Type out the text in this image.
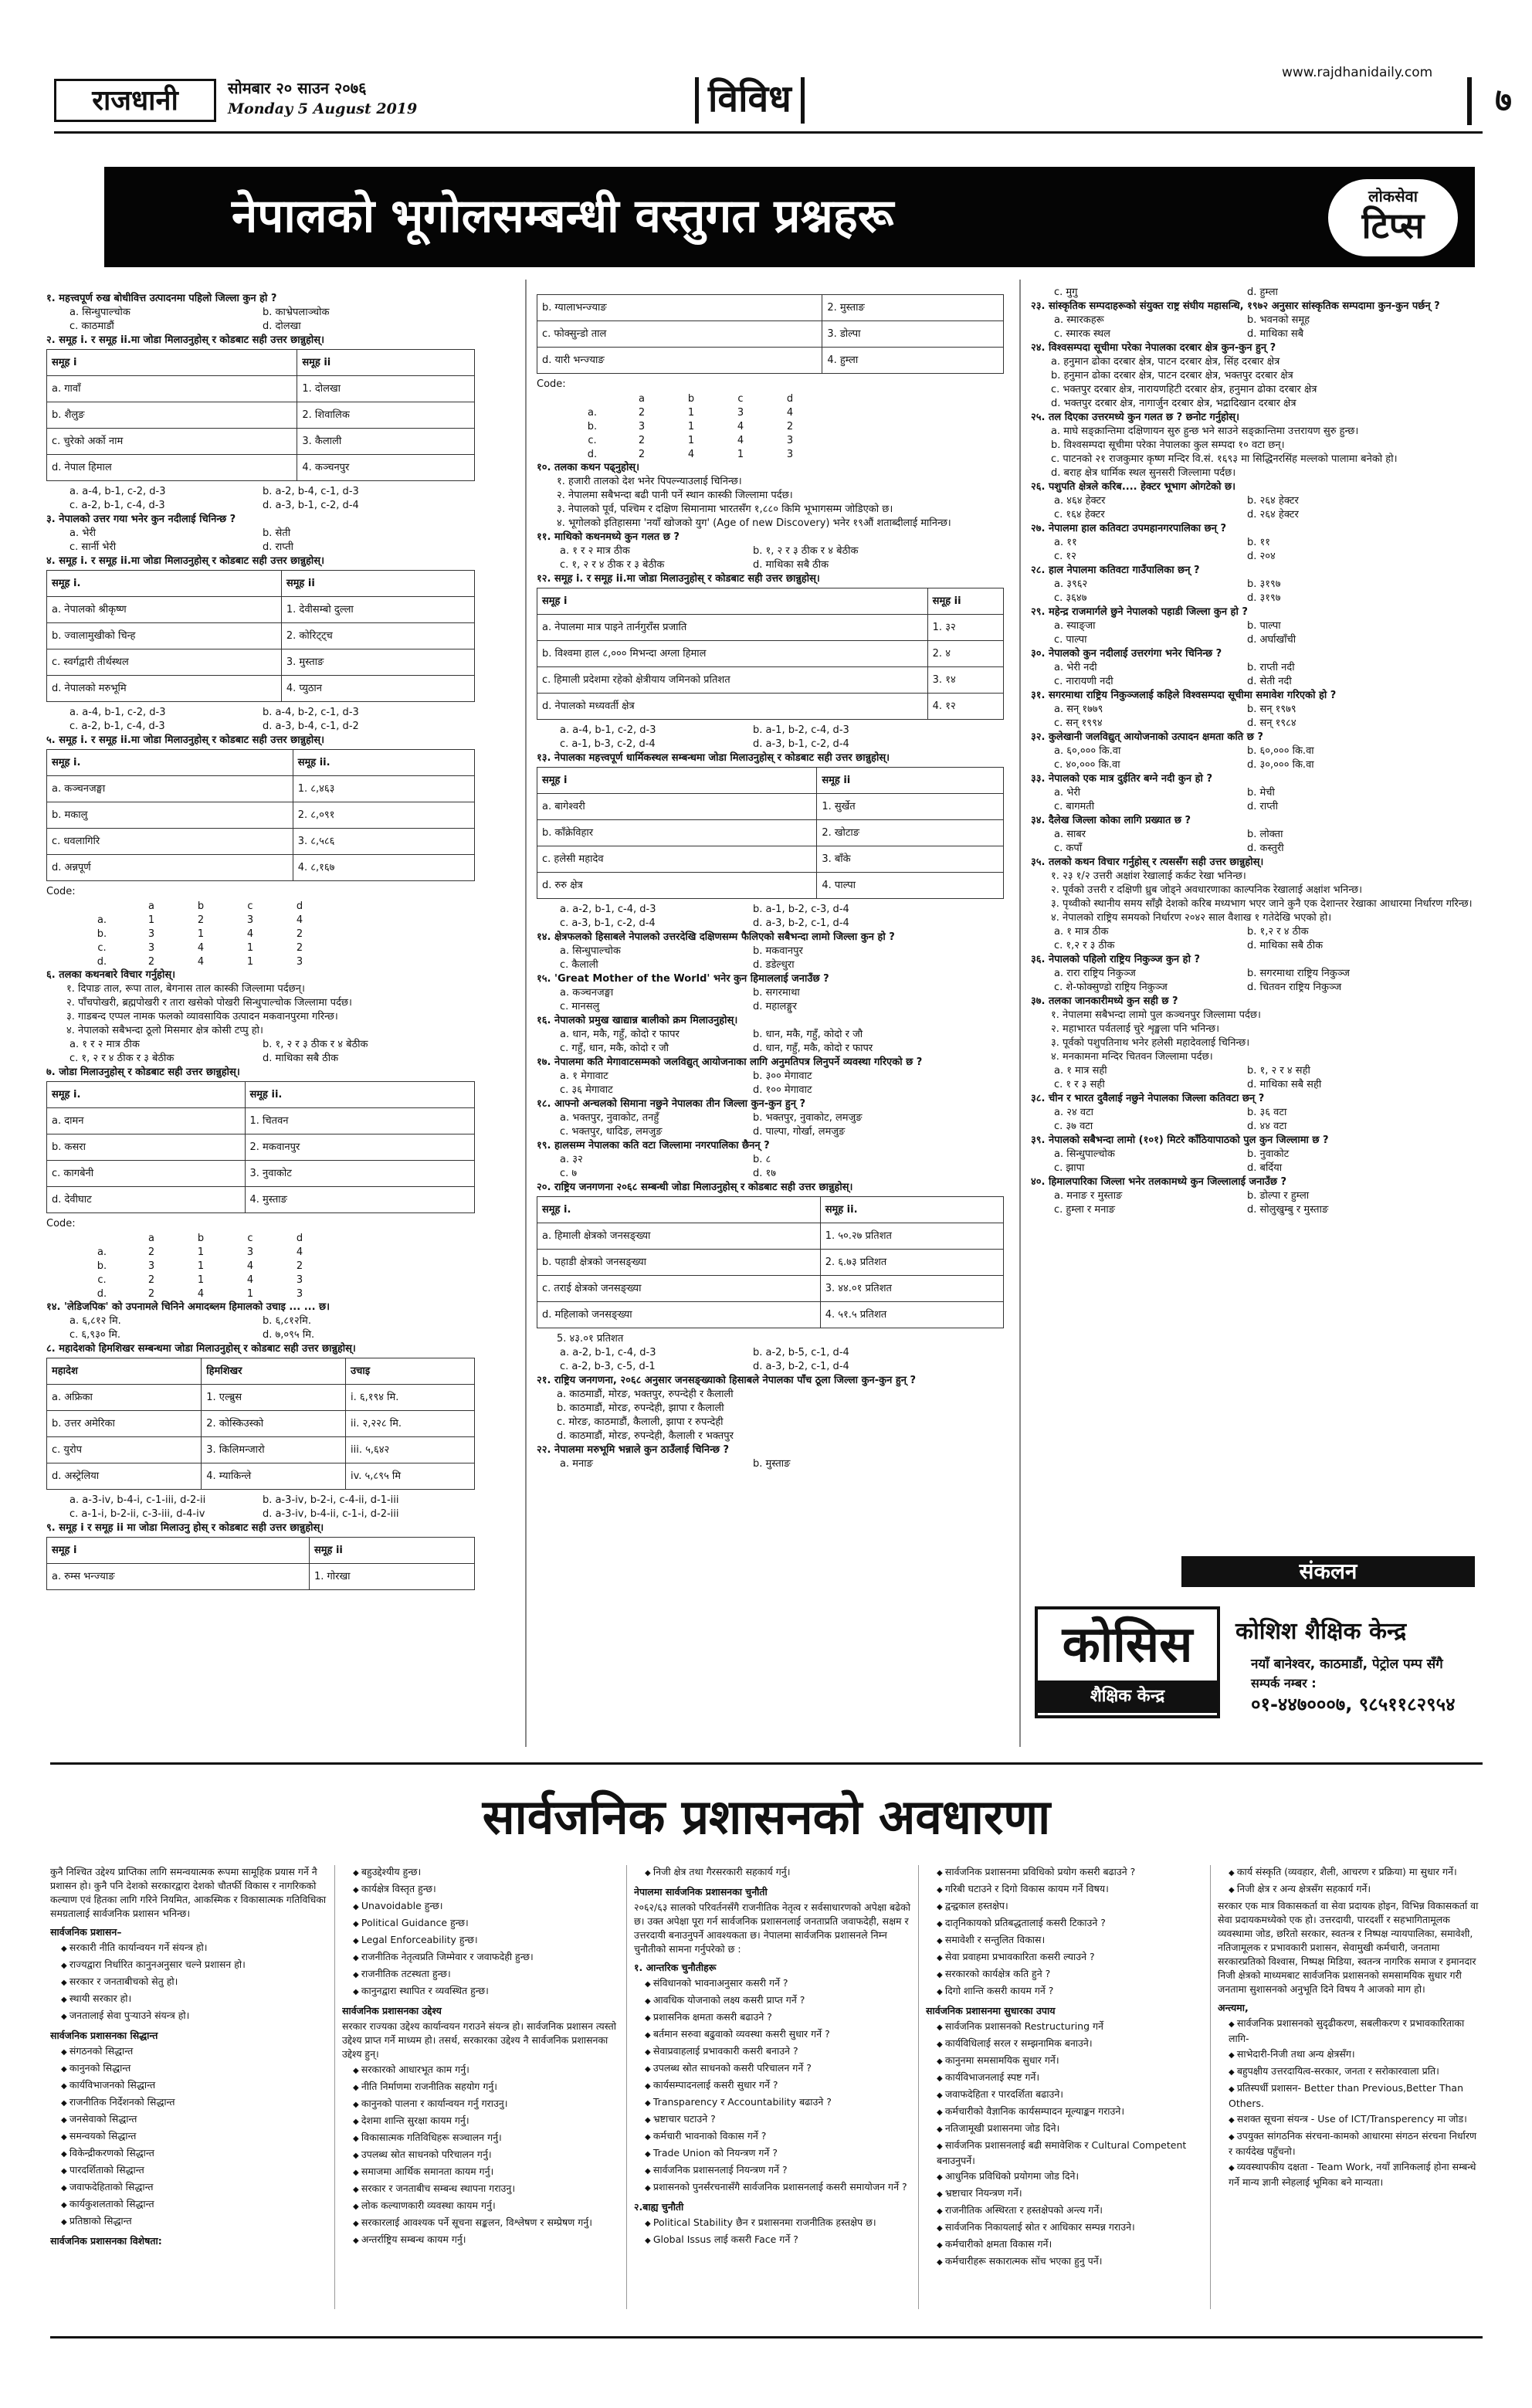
राजधानी	सोमबार २० साउन २०७६
Monday 5 August 2019	विविध
www.rajdhanidaily.com
७
नेपालको भूगोलसम्बन्धी वस्तुगत प्रश्नहरू	लोकसेवा
टिप्स

१. महत्त्वपूर्ण रुख बोधीवित्त उत्पादनमा पहिलो जिल्ला कुन हो ?

a. सिन्धुपाल्चोक	b. काभ्रेपलाञ्चोक

c. काठमाडौं	d. दोलखा

२. समूह i. र समूह ii.मा जोडा मिलाउनुहोस् र कोडबाट सही उत्तर छान्नुहोस्।

समूह i	समूह ii
a. गावाँ	1. दोलखा
b. शैलुङ	2. शिवालिक
c. चुरेको अर्को नाम	3. कैलाली
d. नेपाल हिमाल	4. कञ्चनपुर

a. a-4, b-1, c-2, d-3	b. a-2, b-4, c-1, d-3

c. a-2, b-1, c-4, d-3	d. a-3, b-1, c-2, d-4

३. नेपालको उत्तर गया भनेर कुन नदीलाई चिनिन्छ ?

a. भेरी	b. सेती

c. सार्नी भेरी	d. राप्ती

४. समूह i. र समूह ii.मा जोडा मिलाउनुहोस् र कोडबाट सही उत्तर छान्नुहोस्।

समूह i.	समूह ii
a. नेपालको श्रीकृष्ण	1. देवीसम्बो दुल्ला
b. ज्वालामुखीको चिन्ह	2. कोरिट्ट्च
c. स्वर्गद्वारी तीर्थस्थल	3. मुस्ताङ
d. नेपालको मरुभूमि	4. प्युठान

a. a-4, b-1, c-2, d-3	b. a-4, b-2, c-1, d-3

c. a-2, b-1, c-4, d-3	d. a-3, b-4, c-1, d-2

५. समूह i. र समूह ii.मा जोडा मिलाउनुहोस् र कोडबाट सही उत्तर छान्नुहोस्।

समूह i.	समूह ii.
a. कञ्चनजङ्घा	1. ८,४६३
b. मकालु	2. ८,०९१
c. धवलागिरि	3. ८,५८६
d. अन्नपूर्ण	4. ८,१६७

Code:

	a	b	c	d
a.	1	2	3	4
b.	3	1	4	2
c.	3	4	1	2
d.	2	4	1	3

६. तलका कथनबारे विचार गर्नुहोस्।

१. दिपाङ ताल, रूपा ताल, बेगनास ताल कास्की जिल्लामा पर्दछन्।

२. पाँचपोखरी, ब्रह्मपोखरी र तारा खसेको पोखरी सिन्धुपाल्चोक जिल्लामा पर्दछ।

३. गाडबन्द एप्पल नामक फलको व्यावसायिक उत्पादन मकवानपुरमा गरिन्छ।

४. नेपालको सबैभन्दा ठूलो मिसमार क्षेत्र कोसी टप्पु हो।

a. १ र २ मात्र ठीक	b. १, २ र ३ ठीक र ४ बेठीक

c. १, २ र ४ ठीक र ३ बेठीक	d. माथिका सबै ठीक

७. जोडा मिलाउनुहोस् र कोडबाट सही उत्तर छान्नुहोस्।

समूह i.	समूह ii.
a. दामन	1. चितवन
b. कसरा	2. मकवानपुर
c. कागबेनी	3. नुवाकोट
d. देवीघाट	4. मुस्ताङ

Code:

	a	b	c	d
a.	2	1	3	4
b.	3	1	4	2
c.	2	1	4	3
d.	2	4	1	3

१४. 'लेडिजपिक' को उपनामले चिनिने अमादब्लम हिमालको उचाइ ... ... छ।

a. ६,८१२ मि.	b. ६,८१२मि.

c. ६,९३० मि.	d. ७,०९५ मि.

८. महादेशको हिमशिखर सम्बन्धमा जोडा मिलाउनुहोस् र कोडबाट सही उत्तर छान्नुहोस्।

महादेश	हिमशिखर	उचाइ
a. अफ्रिका	1. एल्ब्रुस	i. ६,१९४ मि.
b. उत्तर अमेरिका	2. कोस्किउस्को	ii. २,२२८ मि.
c. युरोप	3. किलिमन्जारो	iii. ५,६४२
d. अस्ट्रेलिया	4. म्याकिन्ले	iv. ५,८९५ मि

a. a-3-iv, b-4-i, c-1-iii, d-2-ii	b. a-3-iv, b-2-i, c-4-ii, d-1-iii

c. a-1-i, b-2-ii, c-3-iii, d-4-iv	d. a-3-iv, b-4-ii, c-1-i, d-2-iii

९. समूह i र समूह ii मा जोडा मिलाउनु होस् र कोडबाट सही उत्तर छान्नुहोस्।

समूह i	समूह ii
a. रुम्स भन्ज्याङ	1. गोरखा
b. ग्यालाभन्ज्याङ	2. मुस्ताङ
c. फोक्सुन्डो ताल	3. डोल्पा
d. यारी भन्ज्याङ	4. हुम्ला

Code:

	a	b	c	d
a.	2	1	3	4
b.	3	1	4	2
c.	2	1	4	3
d.	2	4	1	3

१०. तलका कथन पढ्नुहोस्।

१. हजारी तालको देश भनेर पिपल्न्याउलाई चिनिन्छ।

२. नेपालमा सबैभन्दा बढी पानी पर्ने स्थान कास्की जिल्लामा पर्दछ।

३. नेपालको पूर्व, पश्चिम र दक्षिण सिमानामा भारतसँग १,८८० किमि भूभागसम्म जोडिएको छ।

४. भूगोलको इतिहासमा 'नयाँ खोजको युग' (Age of new Discovery) भनेर १९औं शताब्दीलाई मानिन्छ।

११. माथिको कथनमध्ये कुन गलत छ ?

a. १ र २ मात्र ठीक	b. १, २ र ३ ठीक र ४ बेठीक

c. १, २ र ४ ठीक र ३ बेठीक	d. माथिका सबै ठीक

१२. समूह i. र समूह ii.मा जोडा मिलाउनुहोस् र कोडबाट सही उत्तर छान्नुहोस्।

समूह i	समूह ii
a. नेपालमा मात्र पाइने तार्नगुराँस प्रजाति	1. ३२
b. विश्वमा हाल ८,००० मिभन्दा अग्ला हिमाल	2. ४
c. हिमाली प्रदेशमा रहेको क्षेत्रीयाय जमिनको प्रतिशत	3. १४
d. नेपालको मध्यवर्ती क्षेत्र	4. १२

a. a-4, b-1, c-2, d-3	b. a-1, b-2, c-4, d-3

c. a-1, b-3, c-2, d-4	d. a-3, b-1, c-2, d-4

१३. नेपालका महत्त्वपूर्ण धार्मिकस्थल सम्बन्धमा जोडा मिलाउनुहोस् र कोडबाट सही उत्तर छान्नुहोस्।

समूह i	समूह ii
a. बागेश्वरी	1. सुर्खेत
b. काँक्रेविहार	2. खोटाङ
c. हलेसी महादेव	3. बाँके
d. रुरु क्षेत्र	4. पाल्पा

a. a-2, b-1, c-4, d-3	b. a-1, b-2, c-3, d-4

c. a-3, b-1, c-2, d-4	d. a-3, b-2, c-1, d-4

१४. क्षेत्रफलको हिसाबले नेपालको उत्तरदेखि दक्षिणसम्म फैलिएको सबैभन्दा लामो जिल्ला कुन हो ?

a. सिन्धुपाल्चोक	b. मकवानपुर

c. कैलाली	d. डडेल्धुरा

१५. 'Great Mother of the World' भनेर कुन हिमाललाई जनाउँछ ?

a. कञ्चनजङ्घा	b. सगरमाथा

c. मानसलु	d. महालङ्गुर

१६. नेपालको प्रमुख खाद्यान्न बालीको क्रम मिलाउनुहोस्।

a. धान, मकै, गहुँ, कोदो र फापर	b. धान, मकै, गहुँ, कोदो र जौ

c. गहुँ, धान, मकै, कोदो र जौ	d. धान, गहुँ, मकै, कोदो र फापर

१७. नेपालमा कति मेगावाटसम्मको जलविद्युत् आयोजनाका लागि अनुमतिपत्र लिनुपर्ने व्यवस्था गरिएको छ ?

a. १ मेगावाट	b. ३०० मेगावाट

c. ३६ मेगावाट	d. १०० मेगावाट

१८. आफ्नो अन्चलको सिमाना नछुने नेपालका तीन जिल्ला कुन-कुन हुन् ?

a. भक्तपुर, नुवाकोट, तनहुँ	b. भक्तपुर, नुवाकोट, लमजुङ

c. भक्तपुर, धादिङ, लमजुङ	d. पाल्पा, गोर्खा, लमजुङ

१९. हालसम्म नेपालका कति वटा जिल्लामा नगरपालिका छैनन् ?

a. ३२	b. ८

c. ७	d. १७

२०. राष्ट्रिय जनगणना २०६८ सम्बन्धी जोडा मिलाउनुहोस् र कोडबाट सही उत्तर छान्नुहोस्।

समूह i.	समूह ii.
a. हिमाली क्षेत्रको जनसङ्ख्या	1. ५०.२७ प्रतिशत
b. पहाडी क्षेत्रको जनसङ्ख्या	2. ६.७३ प्रतिशत
c. तराई क्षेत्रको जनसङ्ख्या	3. ४४.०१ प्रतिशत
d. महिलाको जनसङ्ख्या	4. ५१.५ प्रतिशत

5. ४३.०१ प्रतिशत

a. a-2, b-1, c-4, d-3	b. a-2, b-5, c-1, d-4

c. a-2, b-3, c-5, d-1	d. a-3, b-2, c-1, d-4

२१. राष्ट्रिय जनगणना, २०६८ अनुसार जनसङ्ख्याको हिसाबले नेपालका पाँच ठूला जिल्ला कुन-कुन हुन् ?

a. काठमाडौं, मोरङ, भक्तपुर, रुपन्देही र कैलाली

b. काठमाडौं, मोरङ, रुपन्देही, झापा र कैलाली

c. मोरङ, काठमाडौं, कैलाली, झापा र रुपन्देही

d. काठमाडौं, मोरङ, रुपन्देही, कैलाली र भक्तपुर

२२. नेपालमा मरुभूमि भन्नाले कुन ठाउँलाई चिनिन्छ ?

a. मनाङ	b. मुस्ताङ

c. मुगु	d. हुम्ला

२३. सांस्कृतिक सम्पदाहरूको संयुक्त राष्ट्र संघीय महासन्धि, १९७२ अनुसार सांस्कृतिक सम्पदामा कुन-कुन पर्छन् ?

a. स्मारकहरू	b. भवनको समूह

c. स्मारक स्थल	d. माथिका सबै

२४. विश्वसम्पदा सूचीमा परेका नेपालका दरबार क्षेत्र कुन-कुन हुन् ?

a. हनुमान ढोका दरबार क्षेत्र, पाटन दरबार क्षेत्र, सिंह दरबार क्षेत्र

b. हनुमान ढोका दरबार क्षेत्र, पाटन दरबार क्षेत्र, भक्तपुर दरबार क्षेत्र

c. भक्तपुर दरबार क्षेत्र, नारायणहिटी दरबार क्षेत्र, हनुमान ढोका दरबार क्षेत्र

d. भक्तपुर दरबार क्षेत्र, नागार्जुन दरबार क्षेत्र, भद्रादिखान दरबार क्षेत्र

२५. तल दिएका उत्तरमध्ये कुन गलत छ ? छनोट गर्नुहोस्।

a. माघे सङ्क्रान्तिमा दक्षिणायन सुरु हुन्छ भने साउने सङ्क्रान्तिमा उत्तरायण सुरु हुन्छ।

b. विश्वसम्पदा सूचीमा परेका नेपालका कुल सम्पदा १० वटा छन्।

c. पाटनको २१ राजकुमार कृष्ण मन्दिर वि.सं. १६९३ मा सिद्धिनरसिंह मल्लको पालामा बनेको हो।

d. बराह क्षेत्र धार्मिक स्थल सुनसरी जिल्लामा पर्दछ।

२६. पशुपति क्षेत्रले करिब.... हेक्टर भूभाग ओगटेको छ।

a. ४६४ हेक्टर	b. २६४ हेक्टर

c. १६४ हेक्टर	d. २६४ हेक्टर

२७. नेपालमा हाल कतिवटा उपमहानगरपालिका छन् ?

a. ११	b. ११

c. १२	d. २०४

२८. हाल नेपालमा कतिवटा गाउँपालिका छन् ?

a. ३९६२	b. ३१९७

c. ३६४७	d. ३१९७

२९. महेन्द्र राजमार्गले छुने नेपालको पहाडी जिल्ला कुन हो ?

a. स्याङ्जा	b. पाल्पा

c. पाल्पा	d. अर्घाखाँची

३०. नेपालको कुन नदीलाई उत्तरगंगा भनेर चिनिन्छ ?

a. भेरी नदी	b. राप्ती नदी

c. नारायणी नदी	d. सेती नदी

३१. सगरमाथा राष्ट्रिय निकुञ्जलाई कहिले विश्वसम्पदा सूचीमा समावेश गरिएको हो ?

a. सन् १७७९	b. सन् १९७९

c. सन् १९९४	d. सन् १९८४

३२. कुलेखानी जलविद्युत् आयोजनाको उत्पादन क्षमता कति छ ?

a. ६०,००० कि.वा	b. ६०,००० कि.वा

c. ४०,००० कि.वा	d. ३०,००० कि.वा

३३. नेपालको एक मात्र दुईतिर बग्ने नदी कुन हो ?

a. भेरी	b. मेची

c. बागमती	d. राप्ती

३४. दैलेख जिल्ला कोका लागि प्रख्यात छ ?

a. साबर	b. लोक्ता

c. कपाँ	d. कस्तुरी

३५. तलको कथन विचार गर्नुहोस् र त्यससँग सही उत्तर छान्नुहोस्।

१. २३ १/२ उत्तरी अक्षांश रेखालाई कर्कट रेखा भनिन्छ।

२. पूर्वको उत्तरी र दक्षिणी ध्रुब जोड्ने अवधारणाका काल्पनिक रेखालाई अक्षांश भनिन्छ।

३. पृथ्वीको स्थानीय समय साँझै देशको करिब मध्यभाग भएर जाने कुनै एक देशान्तर रेखाका आधारमा निर्धारण गरिन्छ।

४. नेपालको राष्ट्रिय समयको निर्धारण २०४२ साल वैशाख १ गतेदेखि भएको हो।

a. १ मात्र ठीक	b. १,२ र ४ ठीक

c. १,२ र ३ ठीक	d. माथिका सबै ठीक

३६. नेपालको पहिलो राष्ट्रिय निकुञ्ज कुन हो ?

a. रारा राष्ट्रिय निकुञ्ज	b. सगरमाथा राष्ट्रिय निकुञ्ज

c. शे-फोक्सुण्डो राष्ट्रिय निकुञ्ज	d. चितवन राष्ट्रिय निकुञ्ज

३७. तलका जानकारीमध्ये कुन सही छ ?

१. नेपालमा सबैभन्दा लामो पुल कञ्चनपुर जिल्लामा पर्दछ।

२. महाभारत पर्वतलाई चुरे शृङ्खला पनि भनिन्छ।

३. पूर्वको पशुपतिनाथ भनेर हलेसी महादेवलाई चिनिन्छ।

४. मनकामना मन्दिर चितवन जिल्लामा पर्दछ।

a. १ मात्र सही	b. १, २ र ४ सही

c. १ र ३ सही	d. माथिका सबै सही

३८. चीन र भारत दुवैलाई नछुने नेपालका जिल्ला कतिवटा छन् ?

a. २४ वटा	b. ३६ वटा

c. ३७ वटा	d. ४४ वटा

३९. नेपालको सबैभन्दा लामो (१०१) मिटरे काँठियापाठको पुल कुन जिल्लामा छ ?

a. सिन्धुपाल्चोक	b. नुवाकोट

c. झापा	d. बर्दिया

४०. हिमालपारिका जिल्ला भनेर तलकामध्ये कुन जिल्लालाई जनाउँछ ?

a. मनाङ र मुस्ताङ	b. डोल्पा र हुम्ला

c. हुम्ला र मनाङ	d. सोलुखुम्बु र मुस्ताङ

संकलन
कोसिस
शैक्षिक केन्द्र
कोशिश शैक्षिक केन्द्र
नयाँ बानेश्वर, काठमाडौं, पेट्रोल पम्प सँगै
सम्पर्क नम्बर :
०१-४४७०००७, ९८५११८२९५४
सार्वजनिक प्रशासनको अवधारणा

कुनै निश्चित उद्देश्य प्राप्तिका लागि समन्वयात्मक रूपमा सामूहिक प्रयास गर्ने नै प्रशासन हो। कुनै पनि देशको सरकारद्वारा देशको चौतर्फी विकास र नागरिकको कल्याण एवं हितका लागि गरिने नियमित, आकस्मिक र विकासात्मक गतिविधिका समग्रतालाई सार्वजनिक प्रशासन भनिन्छ।

सार्वजनिक प्रशासन–

◆ सरकारी नीति कार्यान्वयन गर्ने संयन्त्र हो।

◆ राज्यद्वारा निर्धारित कानुनअनुसार चल्ने प्रशासन हो।

◆ सरकार र जनताबीचको सेतु हो।

◆ स्थायी सरकार हो।

◆ जनतालाई सेवा पुऱ्याउने संयन्त्र हो।

सार्वजनिक प्रशासनका सिद्धान्त

◆ संगठनको सिद्धान्त

◆ कानुनको सिद्धान्त

◆ कार्यविभाजनको सिद्धान्त

◆ राजनीतिक निर्देशनको सिद्धान्त

◆ जनसेवाको सिद्धान्त

◆ समन्वयको सिद्धान्त

◆ विकेन्द्रीकरणको सिद्धान्त

◆ पारदर्शिताको सिद्धान्त

◆ जवाफदेहिताको सिद्धान्त

◆ कार्यकुशलताको सिद्धान्त

◆ प्रतिष्ठाको सिद्धान्त

सार्वजनिक प्रशासनका विशेषता:

◆ बहुउद्देश्यीय हुन्छ।

◆ कार्यक्षेत्र विस्तृत हुन्छ।

◆ Unavoidable हुन्छ।

◆ Political Guidance हुन्छ।

◆ Legal Enforceability हुन्छ।

◆ राजनीतिक नेतृत्वप्रति जिम्मेवार र जवाफदेही हुन्छ।

◆ राजनीतिक तटस्थता हुन्छ।

◆ कानुनद्वारा स्थापित र व्यवस्थित हुन्छ।

सार्वजनिक प्रशासनका उद्देश्य

सरकार राज्यका उद्देश्य कार्यान्वयन गराउने संयन्त्र हो। सार्वजनिक प्रशासन त्यस्तो उद्देश्य प्राप्त गर्ने माध्यम हो। तसर्थ, सरकारका उद्देश्य नै सार्वजनिक प्रशासनका उद्देश्य हुन्।

◆ सरकारको आधारभूत काम गर्नु।

◆ नीति निर्माणमा राजनीतिक सहयोग गर्नु।

◆ कानुनको पालना र कार्यान्वयन गर्नु गराउनु।

◆ देशमा शान्ति सुरक्षा कायम गर्नु।

◆ विकासात्मक गतिविधिहरू सञ्चालन गर्नु।

◆ उपलब्ध स्रोत साधनको परिचालन गर्नु।

◆ समाजमा आर्थिक समानता कायम गर्नु।

◆ सरकार र जनताबीच सम्बन्ध स्थापना गराउनु।

◆ लोक कल्याणकारी व्यवस्था कायम गर्नु।

◆ सरकारलाई आवश्यक पर्ने सूचना सङ्कलन, विश्लेषण र सम्प्रेषण गर्नु।

◆ अन्तर्राष्ट्रिय सम्बन्ध कायम गर्नु।

◆ निजी क्षेत्र तथा गैरसरकारी सहकार्य गर्नु।

नेपालमा सार्वजनिक प्रशासनका चुनौती

२०६२/६३ सालको परिवर्तनसँगै राजनीतिक नेतृत्व र सर्वसाधारणको अपेक्षा बढेको छ। उक्त अपेक्षा पूरा गर्न सार्वजनिक प्रशासनलाई जनताप्रति जवाफदेही, सक्षम र उत्तरदायी बनाउनुपर्ने आवश्यकता छ। नेपालमा सार्वजनिक प्रशासनले निम्न चुनौतीको सामना गर्नुपरेको छ :

१. आन्तरिक चुनौतीहरू

◆ संविधानको भावनाअनुसार कसरी गर्ने ?

◆ आवधिक योजनाको लक्ष्य कसरी प्राप्त गर्ने ?

◆ प्रशासनिक क्षमता कसरी बढाउने ?

◆ बर्तमान सरुवा बढुवाको व्यवस्था कसरी सुधार गर्ने ?

◆ सेवाप्रवाहलाई प्रभावकारी कसरी बनाउने ?

◆ उपलब्ध स्रोत साधनको कसरी परिचालन गर्ने ?

◆ कार्यसम्पादनलाई कसरी सुधार गर्ने ?

◆ Transparency र Accountability बढाउने ?

◆ भ्रष्टाचार घटाउने ?

◆ कर्मचारी भावनाको विकास गर्ने ?

◆ Trade Union को नियन्त्रण गर्ने ?

◆ सार्वजनिक प्रशासनलाई नियन्त्रण गर्ने ?

◆ प्रशासनको पुनर्संरचनासँगै सार्वजनिक प्रशासनलाई कसरी समायोजन गर्ने ?

२.बाह्य चुनौती

◆ Political Stability छैन र प्रशासनमा राजनीतिक हस्तक्षेप छ।

◆ Global Issus लाई कसरी Face गर्ने ?

◆ सार्वजनिक प्रशासनमा प्रविधिको प्रयोग कसरी बढाउने ?

◆ गरिबी घटाउने र दिगो विकास कायम गर्ने विषय।

◆ द्वन्द्वकाल हस्तक्षेप।

◆ दातृनिकायको प्रतिबद्धतालाई कसरी टिकाउने ?

◆ समावेशी र सन्तुलित विकास।

◆ सेवा प्रवाहमा प्रभावकारिता कसरी ल्याउने ?

◆ सरकारको कार्यक्षेत्र कति हुने ?

◆ दिगो शान्ति कसरी कायम गर्ने ?

सार्वजनिक प्रशासनमा सुधारका उपाय

◆ सार्वजनिक प्रशासनको Restructuring गर्ने

◆ कार्यविधिलाई सरल र सम्झनामिक बनाउने।

◆ कानुनमा समसामयिक सुधार गर्ने।

◆ कार्यविभाजनलाई स्पष्ट गर्ने।

◆ जवाफदेहिता र पारदर्शिता बढाउने।

◆ कर्मचारीको वैज्ञानिक कार्यसम्पादन मूल्याङ्कन गराउने।

◆ नतिजामूखी प्रशासनमा जोड दिने।

◆ सार्वजनिक प्रशासनलाई बढी समावेशिक र Cultural Competent बनाउनुपर्ने।

◆ आधुनिक प्रविधिको प्रयोगमा जोड दिने।

◆ भ्रष्टाचार नियन्त्रण गर्ने।

◆ राजनीतिक अस्थिरता र हस्तक्षेपको अन्त्य गर्ने।

◆ सार्वजनिक निकायलाई स्रोत र आधिकार सम्पन्न गराउने।

◆ कर्मचारीको क्षमता विकास गर्ने।

◆ कर्मचारीहरू सकारात्मक सोंच भएका हुनु पर्ने।

◆ कार्य संस्कृति (व्यवहार, शैली, आचरण र प्रक्रिया) मा सुधार गर्ने।

◆ निजी क्षेत्र र अन्य क्षेत्रसँग सहकार्य गर्ने।

सरकार एक मात्र विकासकर्ता वा सेवा प्रदायक होइन, विभिन्न विकासकर्ता वा सेवा प्रदायकमध्येको एक हो। उत्तरदायी, पारदर्शी र सहभागितामूलक व्यवस्थामा जोड, छरितो सरकार, स्वतन्त्र र निष्पक्ष न्यायपालिका, समावेशी, नतिजामूलक र प्रभावकारी प्रशासन, सेवामुखी कर्मचारी, जनतामा सरकारप्रतिको विश्वास, निष्पक्ष मिडिया, स्वतन्त्र नागरिक समाज र इमानदार निजी क्षेत्रको माध्यमबाट सार्वजनिक प्रशासनको समसामयिक सुधार गरी जनतामा सुशासनको अनुभूति दिने विषय नै आजको माग हो।

अन्त्यमा,

◆ सार्वजनिक प्रशासनको सुदृढीकरण, सबलीकरण र प्रभावकारिताका लागि-

◆ साभेदारी-निजी तथा अन्य क्षेत्रसँग।

◆ बहुपक्षीय उत्तरदायित्व-सरकार, जनता र सरोकारवाला प्रति।

◆ प्रतिस्पर्धी प्रशासन- Better than Previous,Better Than Others.

◆ सशक्त सूचना संयन्त्र - Use of ICT/Transperency मा जोड।

◆ उपयुक्त सांगठनिक संरचना-कामको आधारमा संगठन संरचना निर्धारण र कार्यदेख पहुँचनो।

◆ व्यवस्थापकीय दक्षता - Team Work, नयाँ ज्ञानिकलाई होना सम्बन्धे गर्ने मान्य ज्ञानी स्नेहलाई भूमिका बने मान्यता।
